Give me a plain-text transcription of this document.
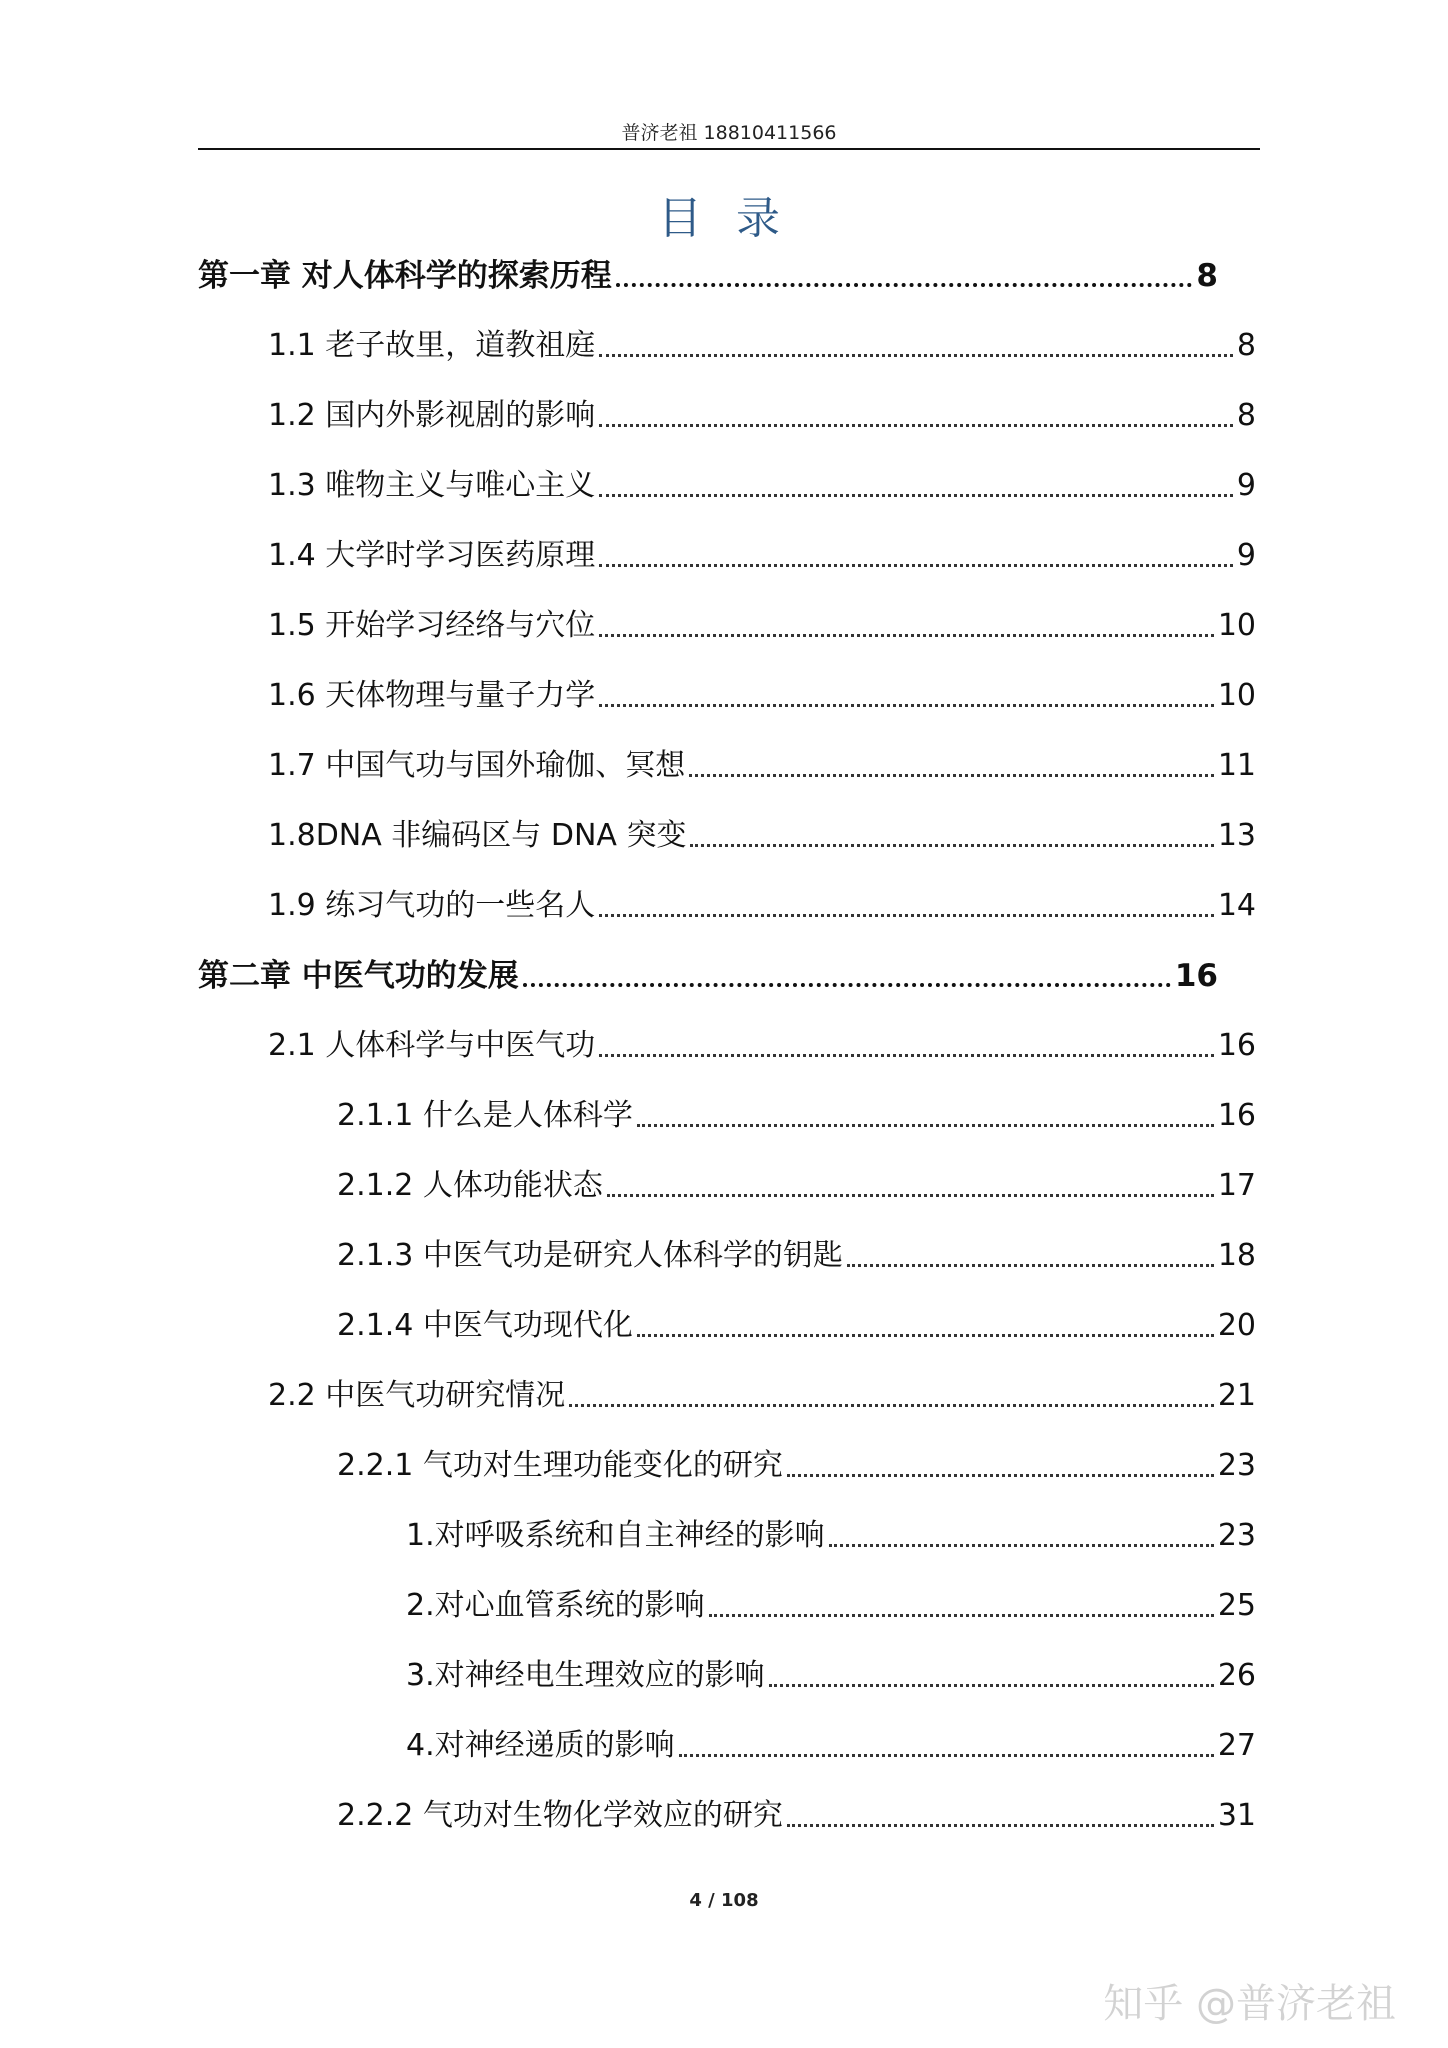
普济老祖 18810411566
目 录
第一章 对人体科学的探索历程	8
1.1 老子故里，道教祖庭	8
1.2 国内外影视剧的影响	8
1.3 唯物主义与唯心主义	9
1.4 大学时学习医药原理	9
1.5 开始学习经络与穴位	10
1.6 天体物理与量子力学	10
1.7 中国气功与国外瑜伽、冥想	11
1.8DNA 非编码区与 DNA 突变	13
1.9 练习气功的一些名人	14
第二章 中医气功的发展	16
2.1 人体科学与中医气功	16
2.1.1 什么是人体科学	16
2.1.2 人体功能状态	17
2.1.3 中医气功是研究人体科学的钥匙	18
2.1.4 中医气功现代化	20
2.2 中医气功研究情况	21
2.2.1 气功对生理功能变化的研究	23
1.对呼吸系统和自主神经的影响	23
2.对心血管系统的影响	25
3.对神经电生理效应的影响	26
4.对神经递质的影响	27
2.2.2 气功对生物化学效应的研究	31
4 / 108
知乎 @普济老祖
